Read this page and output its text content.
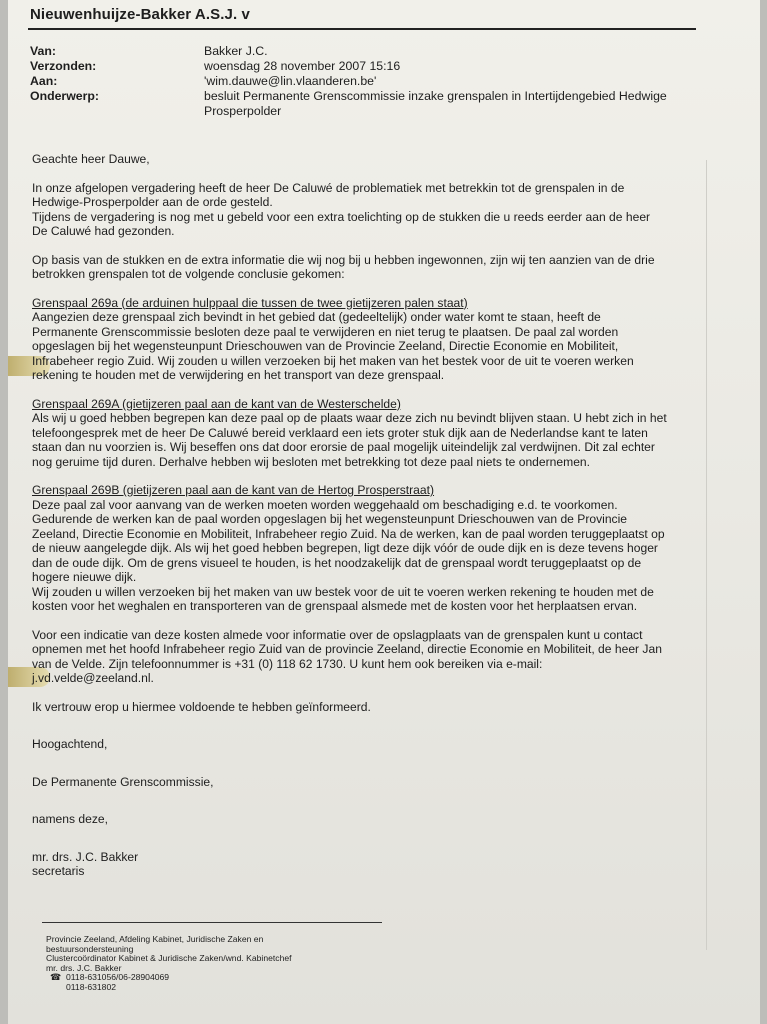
Nieuwenhuijze-Bakker A.S.J. v
Van:	Bakker J.C.
Verzonden:	woensdag 28 november 2007 15:16
Aan:	'wim.dauwe@lin.vlaanderen.be'
Onderwerp:	besluit Permanente Grenscommissie inzake grenspalen in Intertijdengebied Hedwige
Prosperpolder

Geachte heer Dauwe,

In onze afgelopen vergadering heeft de heer De Caluwé de problematiek met betrekkin tot de grenspalen in de

Hedwige-Prosperpolder aan de orde gesteld.

Tijdens de vergadering is nog met u gebeld voor een extra toelichting op de stukken die u reeds eerder aan de heer

De Caluwé had gezonden.

Op basis van de stukken en de extra informatie die wij nog bij u hebben ingewonnen, zijn wij ten aanzien van de drie

betrokken grenspalen tot de volgende conclusie gekomen:

Grenspaal 269a (de arduinen hulppaal die tussen de twee gietijzeren palen staat)

Aangezien deze grenspaal zich bevindt in het gebied dat (gedeeltelijk) onder water komt te staan, heeft de

Permanente Grenscommissie besloten deze paal te verwijderen en niet terug te plaatsen. De paal zal worden

opgeslagen bij het wegensteunpunt Drieschouwen van de Provincie Zeeland, Directie Economie en Mobiliteit,

Infrabeheer regio Zuid. Wij zouden u willen verzoeken bij het maken van het bestek voor de uit te voeren werken

rekening te houden met de verwijdering en het transport van deze grenspaal.

Grenspaal 269A (gietijzeren paal aan de kant van de Westerschelde)

Als wij u goed hebben begrepen kan deze paal op de plaats waar deze zich nu bevindt blijven staan. U hebt zich in het

telefoongesprek met de heer De Caluwé bereid verklaard een iets groter stuk dijk aan de Nederlandse kant te laten

staan dan nu voorzien is. Wij beseffen ons dat door erorsie de paal mogelijk uiteindelijk zal verdwijnen. Dit zal echter

nog geruime tijd duren. Derhalve hebben wij besloten met betrekking tot deze paal niets te ondernemen.

Grenspaal 269B (gietijzeren paal aan de kant van de Hertog Prosperstraat)

Deze paal zal voor aanvang van de werken moeten worden weggehaald om beschadiging e.d. te voorkomen.

Gedurende de werken kan de paal worden opgeslagen bij het wegensteunpunt Drieschouwen van de Provincie

Zeeland, Directie Economie en Mobiliteit, Infrabeheer regio Zuid. Na de werken, kan de paal worden teruggeplaatst op

de nieuw aangelegde dijk. Als wij het goed hebben begrepen, ligt deze dijk vóór de oude dijk en is deze tevens hoger

dan de oude dijk. Om de grens visueel te houden, is het noodzakelijk dat de grenspaal wordt teruggeplaatst op de

hogere nieuwe dijk.

Wij zouden u willen verzoeken bij het maken van uw bestek voor de uit te voeren werken rekening te houden met de

kosten voor het weghalen en transporteren van de grenspaal alsmede met de kosten voor het herplaatsen ervan.

Voor een indicatie van deze kosten almede voor informatie over de opslagplaats van de grenspalen kunt u contact

opnemen met het hoofd Infrabeheer regio Zuid van de provincie Zeeland, directie Economie en Mobiliteit, de heer Jan

van de Velde. Zijn telefoonnummer is +31 (0) 118 62 1730. U kunt hem ook bereiken via e-mail:

j.vd.velde@zeeland.nl.

Ik vertrouw erop u hiermee voldoende te hebben geïnformeerd.

Hoogachtend,

De Permanente Grenscommissie,

namens deze,

mr. drs. J.C. Bakker

secretaris

Provincie Zeeland, Afdeling Kabinet, Juridische Zaken en
bestuursondersteuning
Clustercoördinator Kabinet & Juridische Zaken/wnd. Kabinetchef
mr. drs. J.C. Bakker
☎ 0118-631056/06-28904069
0118-631802
